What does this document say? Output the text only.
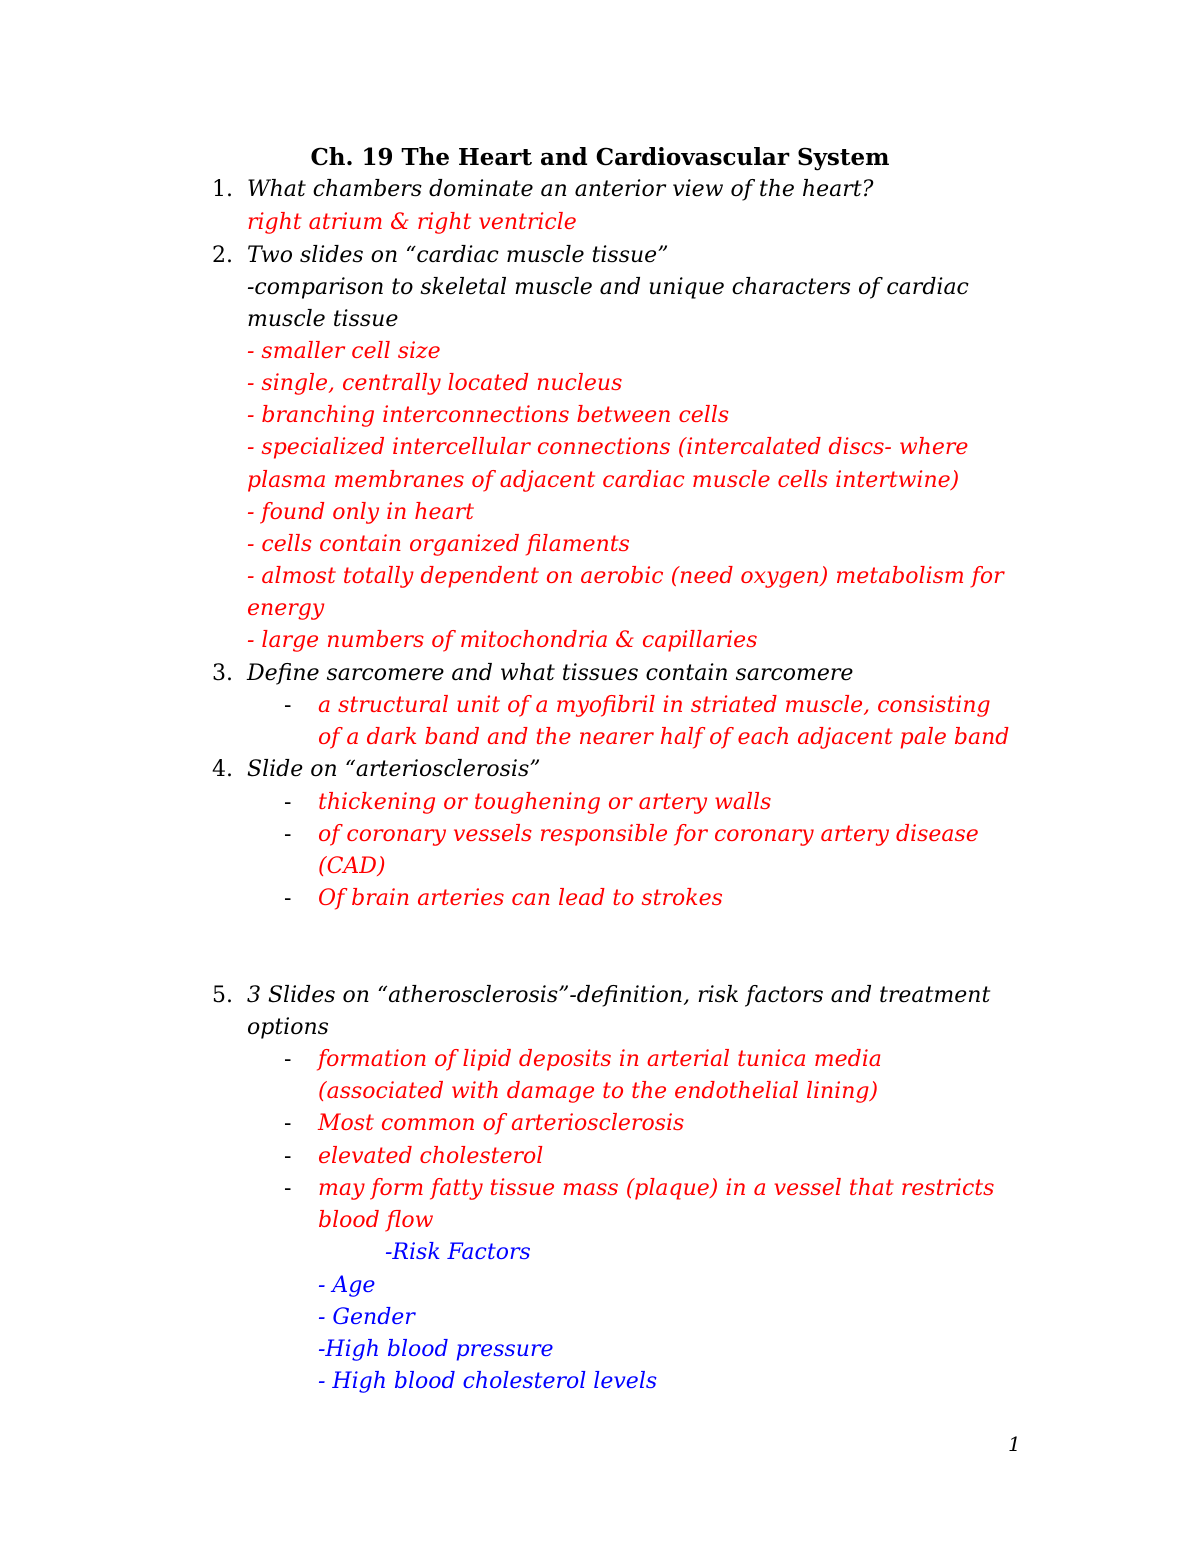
Ch. 19 The Heart and Cardiovascular System
1. What chambers dominate an anterior view of the heart?
right atrium & right ventricle
2. Two slides on “cardiac muscle tissue”
-comparison to skeletal muscle and unique characters of cardiac
muscle tissue
- smaller cell size
- single, centrally located nucleus
- branching interconnections between cells
- specialized intercellular connections (intercalated discs- where
plasma membranes of adjacent cardiac muscle cells intertwine)
- found only in heart
- cells contain organized filaments
- almost totally dependent on aerobic (need oxygen) metabolism for
energy
- large numbers of mitochondria & capillaries
3. Define sarcomere and what tissues contain sarcomere
- a structural unit of a myofibril in striated muscle, consisting
of a dark band and the nearer half of each adjacent pale band
4. Slide on “arteriosclerosis”
- thickening or toughening or artery walls
- of coronary vessels responsible for coronary artery disease
(CAD)
- Of brain arteries can lead to strokes
5. 3 Slides on “atherosclerosis”-definition, risk factors and treatment
options
- formation of lipid deposits in arterial tunica media
(associated with damage to the endothelial lining)
- Most common of arteriosclerosis
- elevated cholesterol
- may form fatty tissue mass (plaque) in a vessel that restricts
blood flow
-Risk Factors
- Age
- Gender
-High blood pressure
- High blood cholesterol levels
1
